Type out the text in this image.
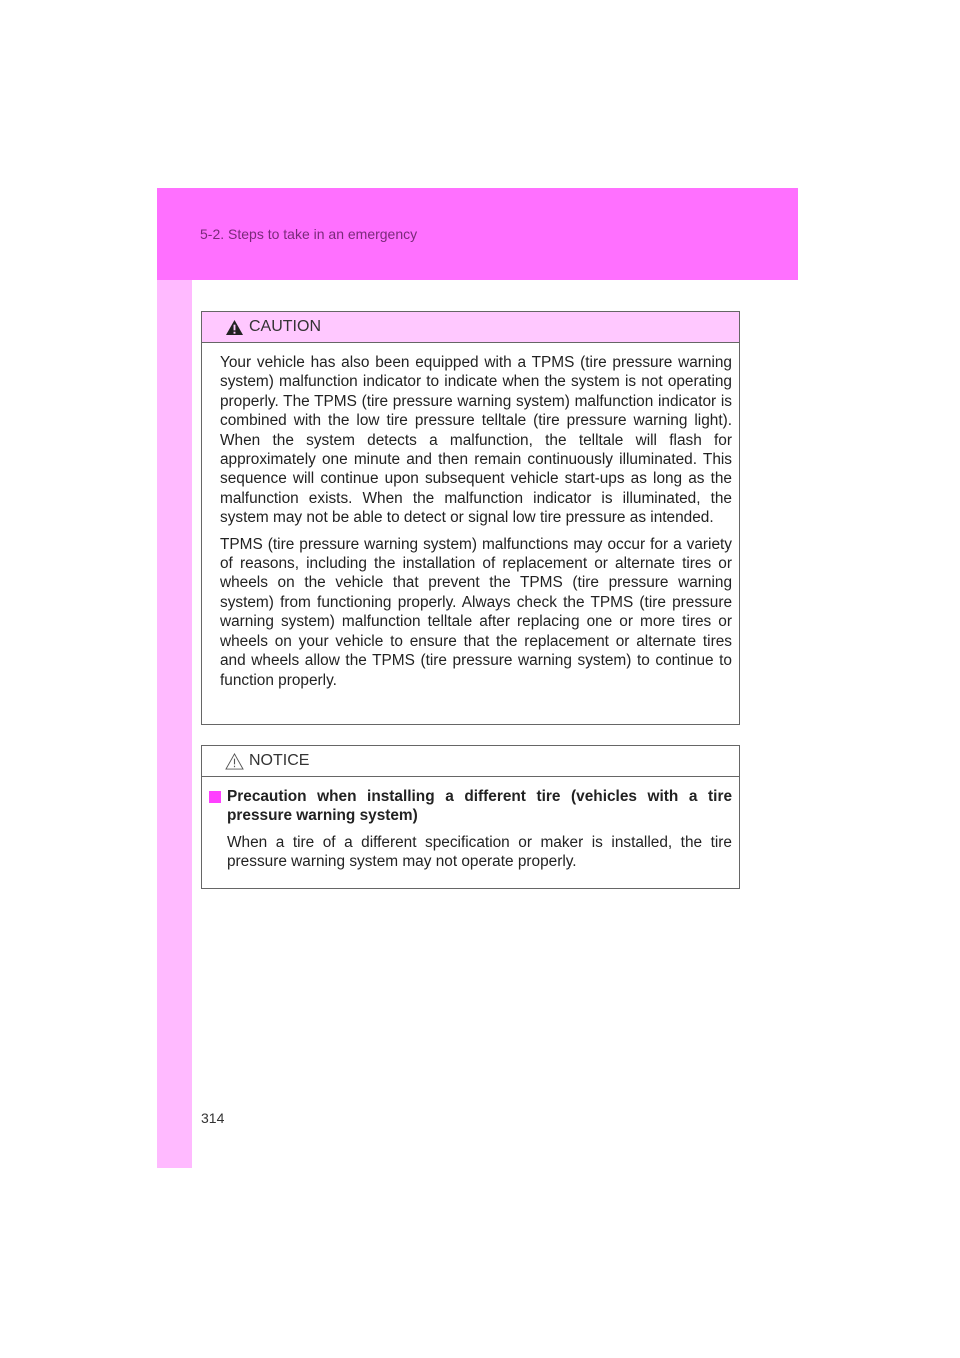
5-2. Steps to take in an emergency
CAUTION

Your vehicle has also been equipped with a TPMS (tire pressure warning system) malfunction indicator to indicate when the system is not operating properly. The TPMS (tire pressure warning system) malfunction indicator is combined with the low tire pressure telltale (tire pressure warning light). When the system detects a malfunction, the telltale will flash for approximately one minute and then remain continuously illuminated. This sequence will continue upon subsequent vehicle start-ups as long as the malfunction exists. When the malfunction indicator is illuminated, the system may not be able to detect or signal low tire pressure as intended.

TPMS (tire pressure warning system) malfunctions may occur for a variety of reasons, including the installation of replacement or alternate tires or wheels on the vehicle that prevent the TPMS (tire pressure warning system) from functioning properly. Always check the TPMS (tire pressure warning system) malfunction telltale after replacing one or more tires or wheels on your vehicle to ensure that the replacement or alternate tires and wheels allow the TPMS (tire pressure warning system) to continue to function properly.

NOTICE

Precaution when installing a different tire (vehicles with a tire pressure warning system)

When a tire of a different specification or maker is installed, the tire pressure warning system may not operate properly.

314
